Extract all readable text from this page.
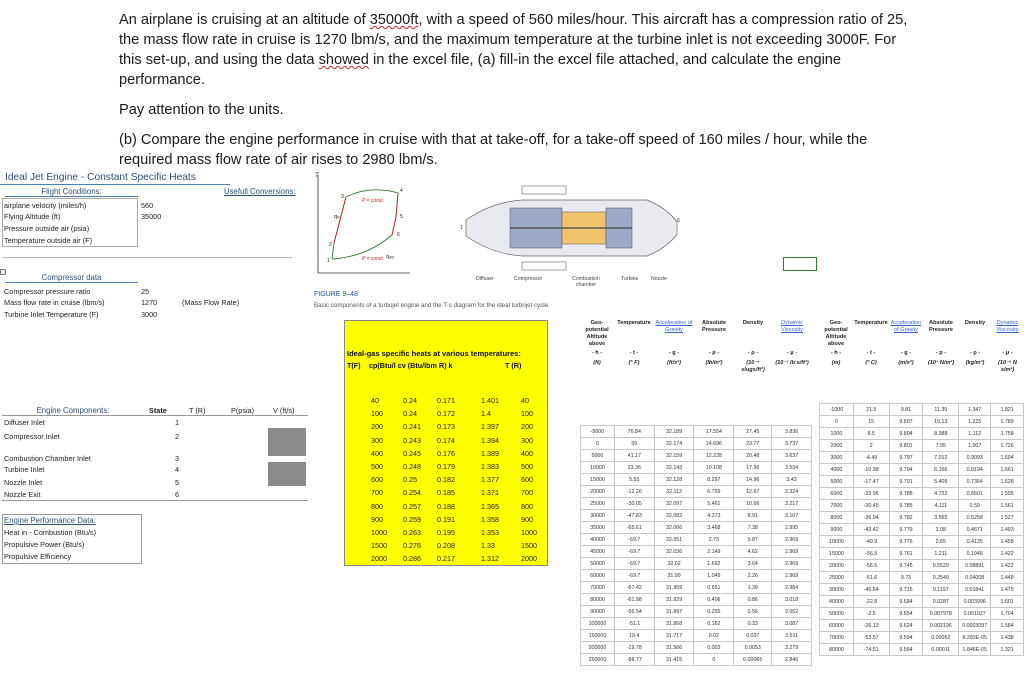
An airplane is cruising at an altitude of 35000ft, with a speed of 560 miles/hour. This aircraft has a compression ratio of 25, the mass flow rate in cruise is 1270 lbm/s, and the maximum temperature at the turbine inlet is not exceeding 3000F. For this set-up, and using the data showed in the excel file, (a) fill-in the excel file attached, and calculate the engine performance.

Pay attention to the units.

(b) Compare the engine performance in cruise with that at take-off, for a take-off speed of 160 miles / hour, while the required mass flow rate of air rises to 2980 lbm/s.

Ideal Jet Engine - Constant Specific Heats
Flight Conditions:	Usefull Conversions:
airplane velocity (miles/h)	560
Flying Altitude (ft)	35000
Pressure outside air (psia)
Temperature outside air (F)
Compressor data
Compressor pressure ratio	25
Mass flow rate in cruise (lbm/s)	1270	(Mass Flow Rate)
Turbine Inlet Temperature (F)	3000
T
P = const.
P = const.
qᵢₙ
qₒᵤₜ
1
2
3
4
5
6
1
6
Diffuser	Compressor	Combustion chamber
Turbine Nozzle
FIGURE 9–48
Basic components of a turbojet engine and the T-s diagram for the ideal turbojet cycle.
Engine Components:	State	T (R)	P(psia)	V (ft/s)
Diffuser Inlet	1
Compressor Inlet	2
Combustion Chamber Inlet	3
Turbine Inlet	4
Nozzle Inlet	5
Nozzle Exit	6
Engine Performance Data:
Heat in - Combustion (Btu/s)
Propulsive Power (Btu/s)
Propulsive Efficiency
Ideal-gas specific heats at various temperatures:
T(F) cp(Btu/l cv (Btu/lbm R) k	T (R)
40	0.24	0.171	1.401	40
100	0.24	0.172	1.4	100
200	0.241 0.173	1.397	200
300	0.243 0.174	1.394	300
400	0.245 0.176	1.389	400
500	0.248 0.179	1.383	500
600	0.25	0.182	1.377	600
700	0.254 0.185	1.371	700
800	0.257 0.188	1.365	800
900	0.259 0.191	1.358	900
1000 0.263 0.195	1.353	1000
1500 0.276 0.208	1.33	1500
2000 0.286 0.217	1.312	2000
Geo-potential Altitude above
- h -
(ft)
Temperature
- t -
(° F)
Acceleration of Gravity
- g -
(ft/s²)
Absolute Pressure
- p -
(lb/in²)
Density
- ρ -
(10⁻⁴ slugs/ft³)
Dynamic Viscosity
- μ -
(10⁻⁷ lb s/ft²)
-5000	76.84	32.189	17.554	27.45	3.836
0	59	32.174	14.696	23.77	3.737
5000	41.17	32.159	12.228	20.48	3.637
10000	23.36	32.143	10.108	17.56	3.534
15000	5.55	32.128	8.297	14.96	3.43
20000	-12.26	32.112	6.759	12.67	3.324
25000	-30.05	32.097	5.461	10.66	3.217
30000	-47.83	32.082	4.373	8.91	3.107
35000	-65.61	32.066	3.468	7.38	2.995
40000	-69.7	32.051	2.73	5.87	2.969
45000	-69.7	32.036	2.149	4.62	2.969
50000	-69.7	32.02	1.692	3.64	2.969
60000	-69.7	31.99	1.049	2.26	2.969
70000	-67.42	31.959	0.651	1.39	2.984
80000	-61.98	31.929	0.406	0.86	3.018
90000	-56.54	31.897	0.255	0.56	3.052
100000	-51.1	31.868	0.162	0.33	3.087
150000	19.4	31.717	0.02	0.037	3.511
200000	-19.78	31.566	0.003	0.0053	3.279
250000	-88.77	31.415	0	0.00065	2.846
Geo-potential Altitude above
- h -
(m)
Temperature
- t -
(° C)
Acceleration of Gravity
- g -
(m/s²)
Absolute Pressure
- p -
(10⁴ N/m²)
Density
- ρ -
(kg/m³)
Dynamic Viscosity
- μ -
(10⁻⁵ N s/m²)
-1000	21.5	9.81	11.39	1.347	1.821
0	15	9.807	10.13	1.225	1.789
1000	8.5	9.804	8.988	1.112	1.758
2000	2	9.801	7.95	1.007	1.726
3000	-4.49	9.797	7.012	0.9093	1.694
4000	-10.98	9.794	6.166	0.8194	1.661
5000	-17.47	9.791	5.405	0.7364	1.628
6000	-23.96	9.788	4.722	0.6601	1.595
7000	-30.45	9.785	4.111	0.59	1.561
8000	-36.94	9.782	3.565	0.5258	1.527
9000	-43.42	9.779	3.08	0.4671	1.493
10000	-49.9	9.776	2.65	0.4135	1.458
15000	-56.5	9.761	1.211	0.1948	1.422
20000	-56.5	9.745	0.5529	0.08891	1.422
25000	-51.6	9.73	0.2549	0.04008	1.448
30000	-46.64	9.715	0.1197	0.01841	1.475
40000	-22.8	9.684	0.0287	0.003996	1.601
50000	-2.5	9.654	0.007978	0.001027	1.704
60000	-26.13	9.624	0.002196	0.0003097	1.584
70000	-53.57	9.594	0.00052	8.283E-05	1.438
80000	-74.51	9.564	0.00011	1.846E-05	1.321
